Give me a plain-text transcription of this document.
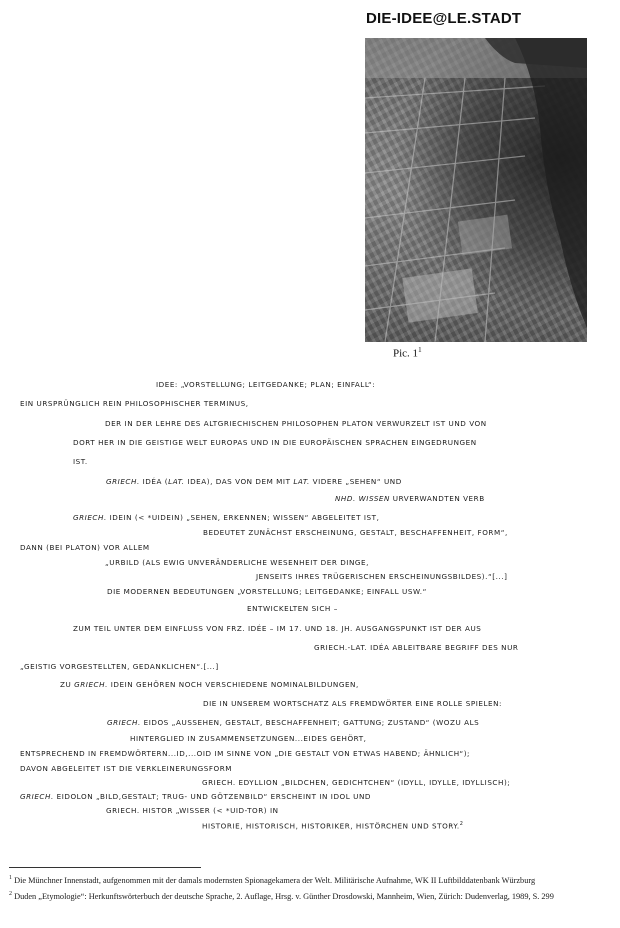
DIE-IDEE@LE.STADT
Pic. $1^1$
IDEE: „VORSTELLUNG; LEITGEDANKE; PLAN; EINFALL“:
EIN URSPRÜNGLICH REIN PHILOSOPHISCHER TERMINUS,
DER IN DER LEHRE DES ALTGRIECHISCHEN PHILOSOPHEN PLATON VERWURZELT IST UND VON
DORT HER IN DIE GEISTIGE WELT EUROPAS UND IN DIE EUROPÄISCHEN SPRACHEN EINGEDRUNGEN
IST.
GRIECH. IDÉA (LAT. IDEA), DAS VON DEM MIT LAT. VIDERE „SEHEN“ UND
NHD. WISSEN URVERWANDTEN VERB
GRIECH. IDEIN (< *UIDEIN) „SEHEN, ERKENNEN; WISSEN“ ABGELEITET IST,
BEDEUTET ZUNÄCHST ERSCHEINUNG, GESTALT, BESCHAFFENHEIT, FORM“,
DANN (BEI PLATON) VOR ALLEM
„URBILD (ALS EWIG UNVERÄNDERLICHE WESENHEIT DER DINGE,
JENSEITS IHRES TRÜGERISCHEN ERSCHEINUNGSBILDES).“[...]
DIE MODERNEN BEDEUTUNGEN „VORSTELLUNG; LEITGEDANKE; EINFALL USW.“
ENTWICKELTEN SICH –
ZUM TEIL UNTER DEM EINFLUSS VON FRZ. IDÉE – IM 17. UND 18. JH. AUSGANGSPUNKT IST DER AUS
GRIECH.-LAT. IDÉA ABLEITBARE BEGRIFF DES NUR
„GEISTIG VORGESTELLTEN, GEDANKLICHEN“.[...]
ZU GRIECH. IDEIN GEHÖREN NOCH VERSCHIEDENE NOMINALBILDUNGEN,
DIE IN UNSEREM WORTSCHATZ ALS FREMDWÖRTER EINE ROLLE SPIELEN:
GRIECH. EIDOS „AUSSEHEN, GESTALT, BESCHAFFENHEIT; GATTUNG; ZUSTAND“ (WOZU ALS
HINTERGLIED IN ZUSAMMENSETZUNGEN...EIDES GEHÖRT,
ENTSPRECHEND IN FREMDWÖRTERN...ID,...OID IM SINNE VON „DIE GESTALT VON ETWAS HABEND; ÄHNLICH“);
DAVON ABGELEITET IST DIE VERKLEINERUNGSFORM
GRIECH. EDYLLION „BILDCHEN, GEDICHTCHEN“ (IDYLL, IDYLLE, IDYLLISCH);
GRIECH. EIDOLON „BILD,GESTALT; TRUG- UND GÖTZENBILD“ ERSCHEINT IN IDOL UND
GRIECH. HISTOR „WISSER (< *UID-TOR) IN
HISTORIE, HISTORISCH, HISTORIKER, HISTÖRCHEN UND STORY.$^2$
$^1$ Die Münchner Innenstadt, aufgenommen mit der damals modernsten Spionagekamera der Welt. Militärische Aufnahme, WK II Luftbilddatenbank Würzburg
$^2$ Duden „Etymologie“: Herkunftswörterbuch der deutsche Sprache, 2. Auflage, Hrsg. v. Günther Drosdowski, Mannheim, Wien, Zürich: Dudenverlag, 1989, S. 299
